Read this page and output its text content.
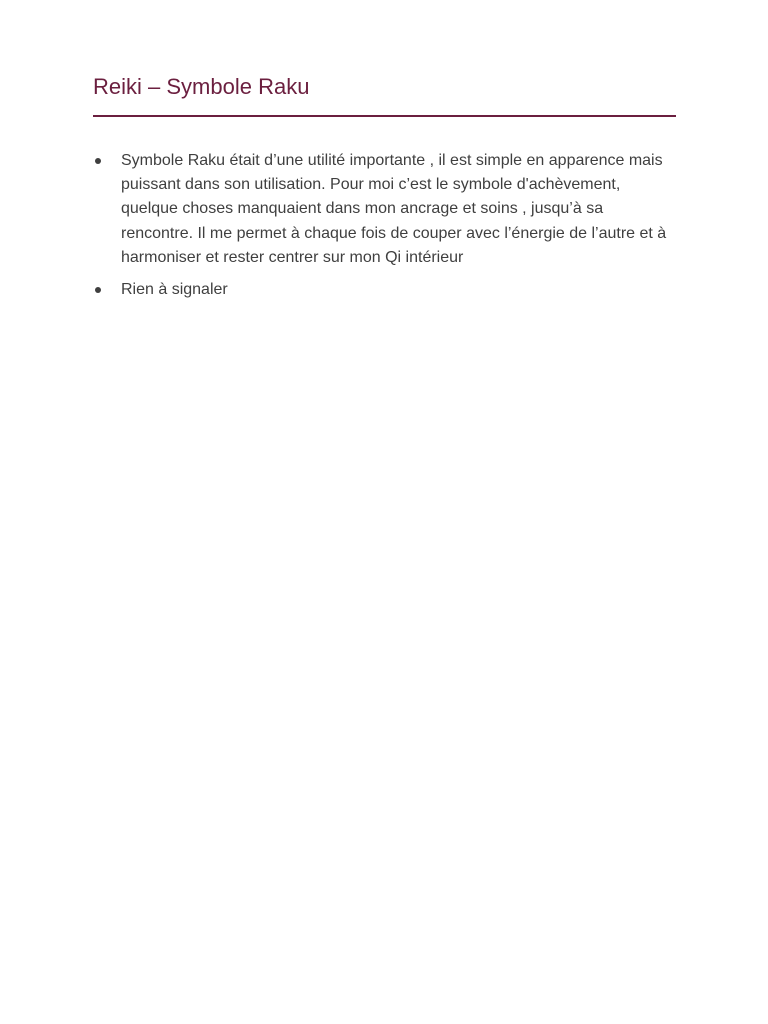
Reiki – Symbole Raku
Symbole Raku était d’une utilité importante , il est simple en apparence mais puissant dans son utilisation. Pour moi c’est le symbole d'achèvement, quelque choses manquaient dans mon ancrage et soins , jusqu’à sa rencontre. Il me permet à chaque fois de couper avec l’énergie de l’autre et à harmoniser et rester centrer sur mon Qi intérieur
Rien à signaler
